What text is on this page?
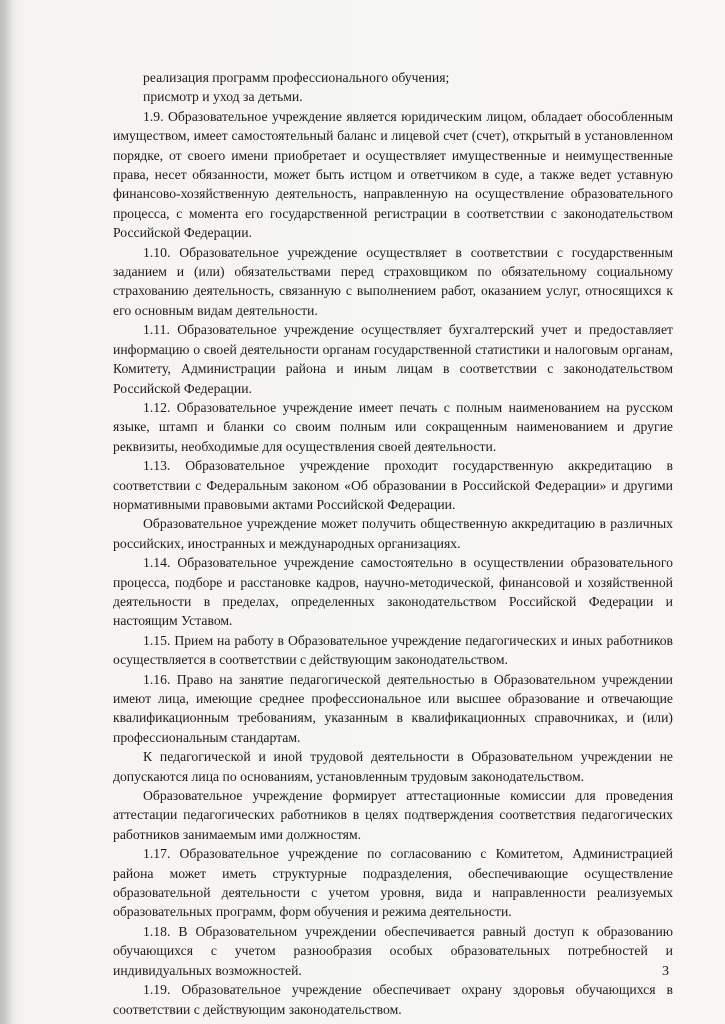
реализация программ профессионального обучения;

присмотр и уход за детьми.

1.9. Образовательное учреждение является юридическим лицом, обладает обособленным имуществом, имеет самостоятельный баланс и лицевой счет (счет), открытый в установленном порядке, от своего имени приобретает и осуществляет имущественные и неимущественные права, несет обязанности, может быть истцом и ответчиком в суде, а также ведет уставную финансово-хозяйственную деятельность, направленную на осуществление образовательного процесса, с момента его государственной регистрации в соответствии с законодательством Российской Федерации.

1.10. Образовательное учреждение осуществляет в соответствии с государственным заданием и (или) обязательствами перед страховщиком по обязательному социальному страхованию деятельность, связанную с выполнением работ, оказанием услуг, относящихся к его основным видам деятельности.

1.11. Образовательное учреждение осуществляет бухгалтерский учет и предоставляет информацию о своей деятельности органам государственной статистики и налоговым органам, Комитету, Администрации района и иным лицам в соответствии с законодательством Российской Федерации.

1.12. Образовательное учреждение имеет печать с полным наименованием на русском языке, штамп и бланки со своим полным или сокращенным наименованием и другие реквизиты, необходимые для осуществления своей деятельности.

1.13. Образовательное учреждение проходит государственную аккредитацию в соответствии с Федеральным законом «Об образовании в Российской Федерации» и другими нормативными правовыми актами Российской Федерации.

Образовательное учреждение может получить общественную аккредитацию в различных российских, иностранных и международных организациях.

1.14. Образовательное учреждение самостоятельно в осуществлении образовательного процесса, подборе и расстановке кадров, научно-методической, финансовой и хозяйственной деятельности в пределах, определенных законодательством Российской Федерации и настоящим Уставом.

1.15. Прием на работу в Образовательное учреждение педагогических и иных работников осуществляется в соответствии с действующим законодательством.

1.16. Право на занятие педагогической деятельностью в Образовательном учреждении имеют лица, имеющие среднее профессиональное или высшее образование и отвечающие квалификационным требованиям, указанным в квалификационных справочниках, и (или) профессиональным стандартам.

К педагогической и иной трудовой деятельности в Образовательном учреждении не допускаются лица по основаниям, установленным трудовым законодательством.

Образовательное учреждение формирует аттестационные комиссии для проведения аттестации педагогических работников в целях подтверждения соответствия педагогических работников занимаемым ими должностям.

1.17. Образовательное учреждение по согласованию с Комитетом, Администрацией района может иметь структурные подразделения, обеспечивающие осуществление образовательной деятельности с учетом уровня, вида и направленности реализуемых образовательных программ, форм обучения и режима деятельности.

1.18. В Образовательном учреждении обеспечивается равный доступ к образованию обучающихся с учетом разнообразия особых образовательных потребностей и индивидуальных возможностей.

1.19. Образовательное учреждение обеспечивает охрану здоровья обучающихся в соответствии с действующим законодательством.

3
